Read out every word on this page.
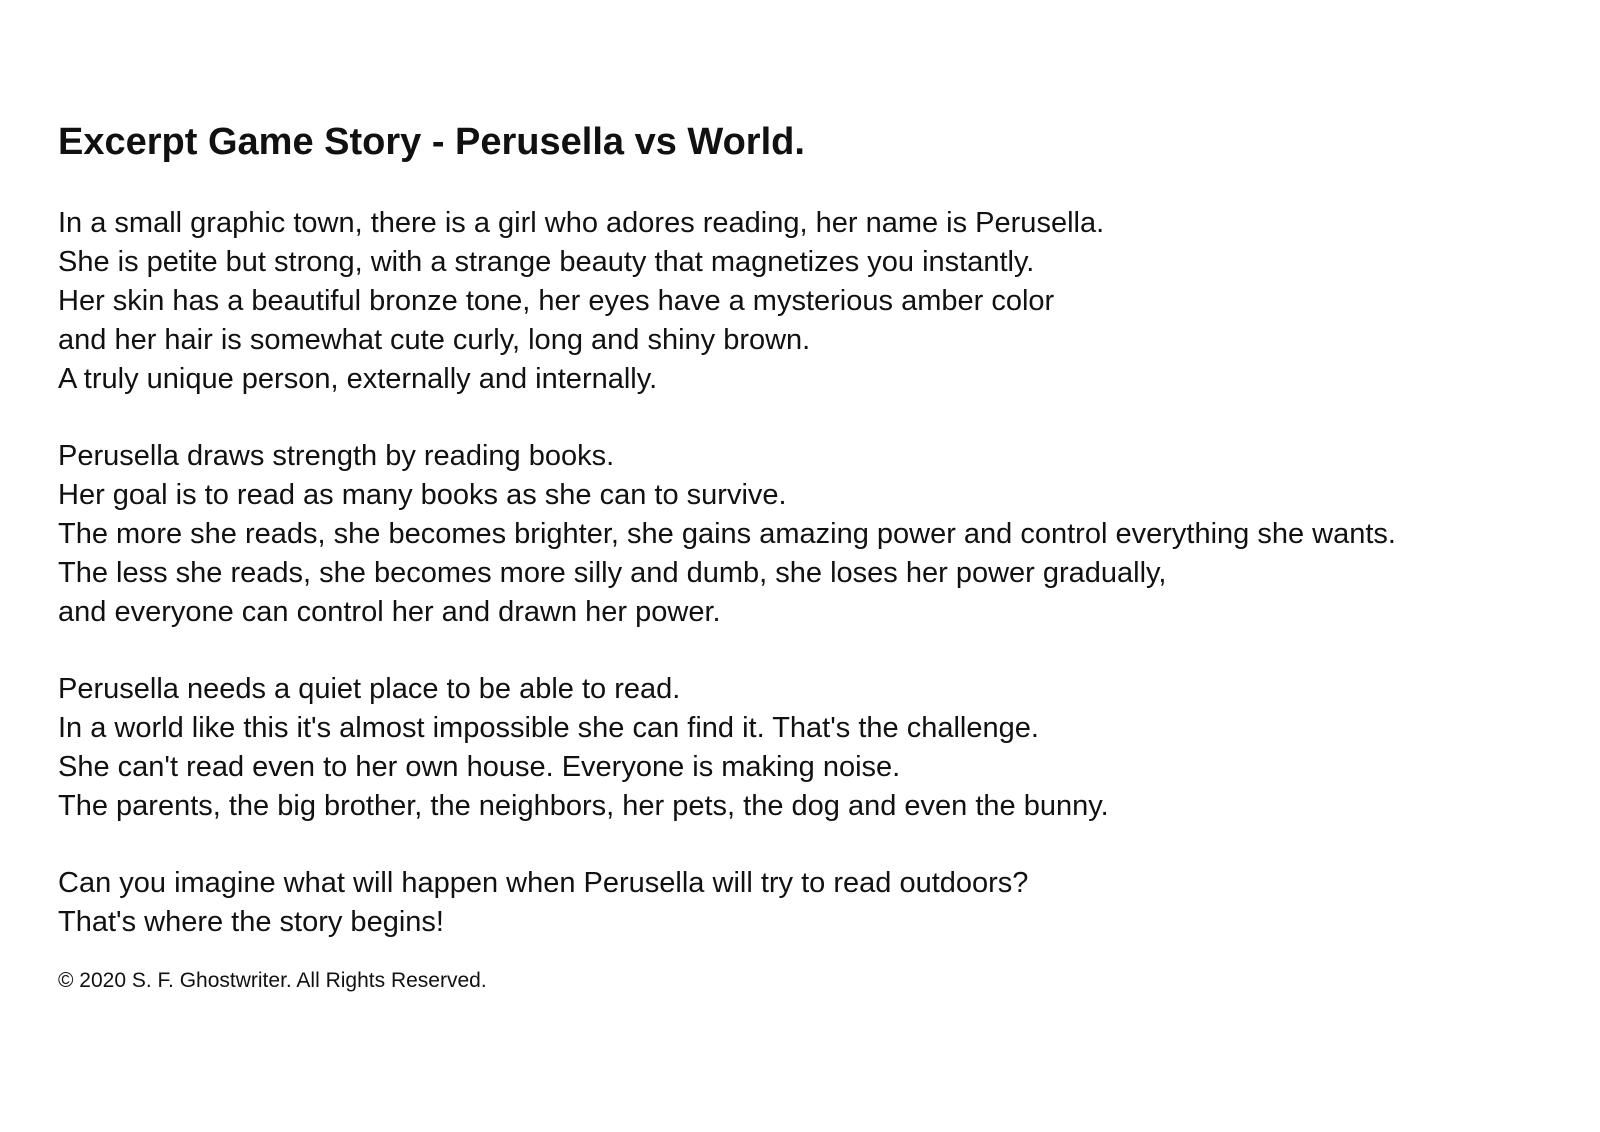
Excerpt Game Story - Perusella vs World.
In a small graphic town, there is a girl who adores reading, her name is Perusella.
She is petite but strong, with a strange beauty that magnetizes you instantly.
Her skin has a beautiful bronze tone, her eyes have a mysterious amber color
and her hair is somewhat cute curly, long and shiny brown.
A truly unique person, externally and internally.
Perusella draws strength by reading books.
Her goal is to read as many books as she can to survive.
The more she reads, she becomes brighter, she gains amazing power and control everything she wants.
The less she reads, she becomes more silly and dumb, she loses her power gradually,
and everyone can control her and drawn her power.
Perusella needs a quiet place to be able to read.
In a world like this it's almost impossible she can find it. That's the challenge.
She can't read even to her own house. Everyone is making noise.
The parents, the big brother, the neighbors, her pets, the dog and even the bunny.
Can you imagine what will happen when Perusella will try to read outdoors?
That's where the story begins!
© 2020 S. F. Ghostwriter. All Rights Reserved.
